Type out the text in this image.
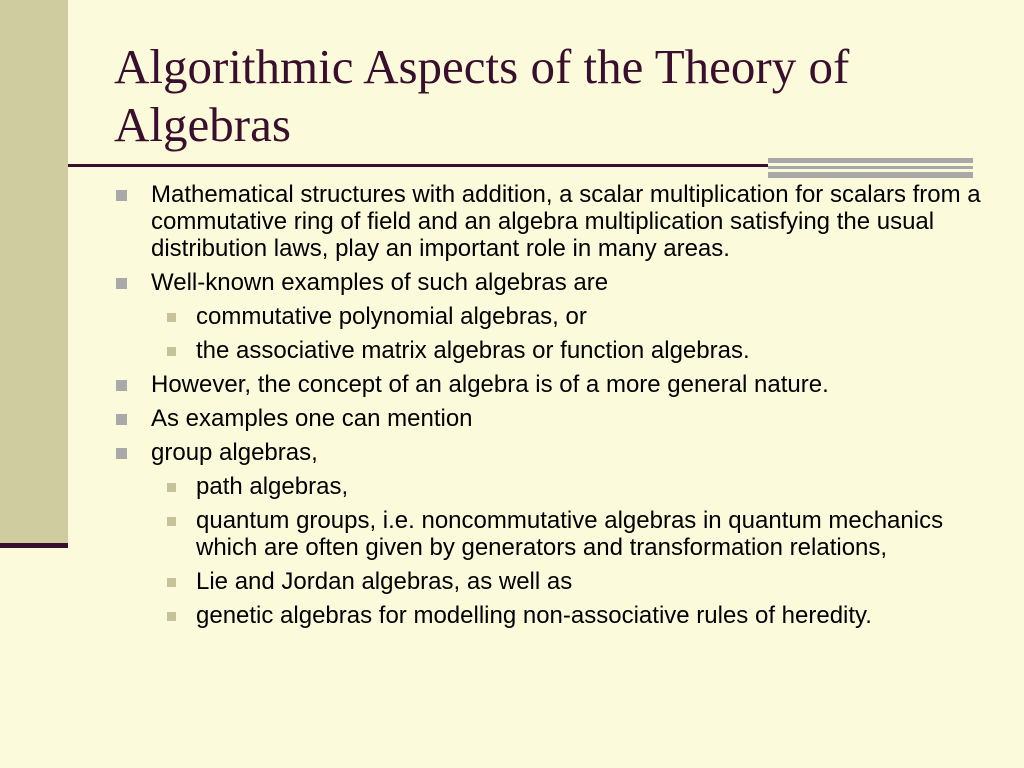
Algorithmic Aspects of the Theory of Algebras
Mathematical structures with addition, a scalar multiplication for scalars from a commutative ring of field and an algebra multiplication satisfying the usual distribution laws, play an important role in many areas.
Well-known examples of such algebras are
commutative polynomial algebras, or
the associative matrix algebras or function algebras.
However, the concept of an algebra is of a more general nature.
As examples one can mention
group algebras,
path algebras,
quantum groups, i.e. noncommutative algebras in quantum mechanics which are often given by generators and transformation relations,
Lie and Jordan algebras, as well as
genetic algebras for modelling non-associative rules of heredity.
